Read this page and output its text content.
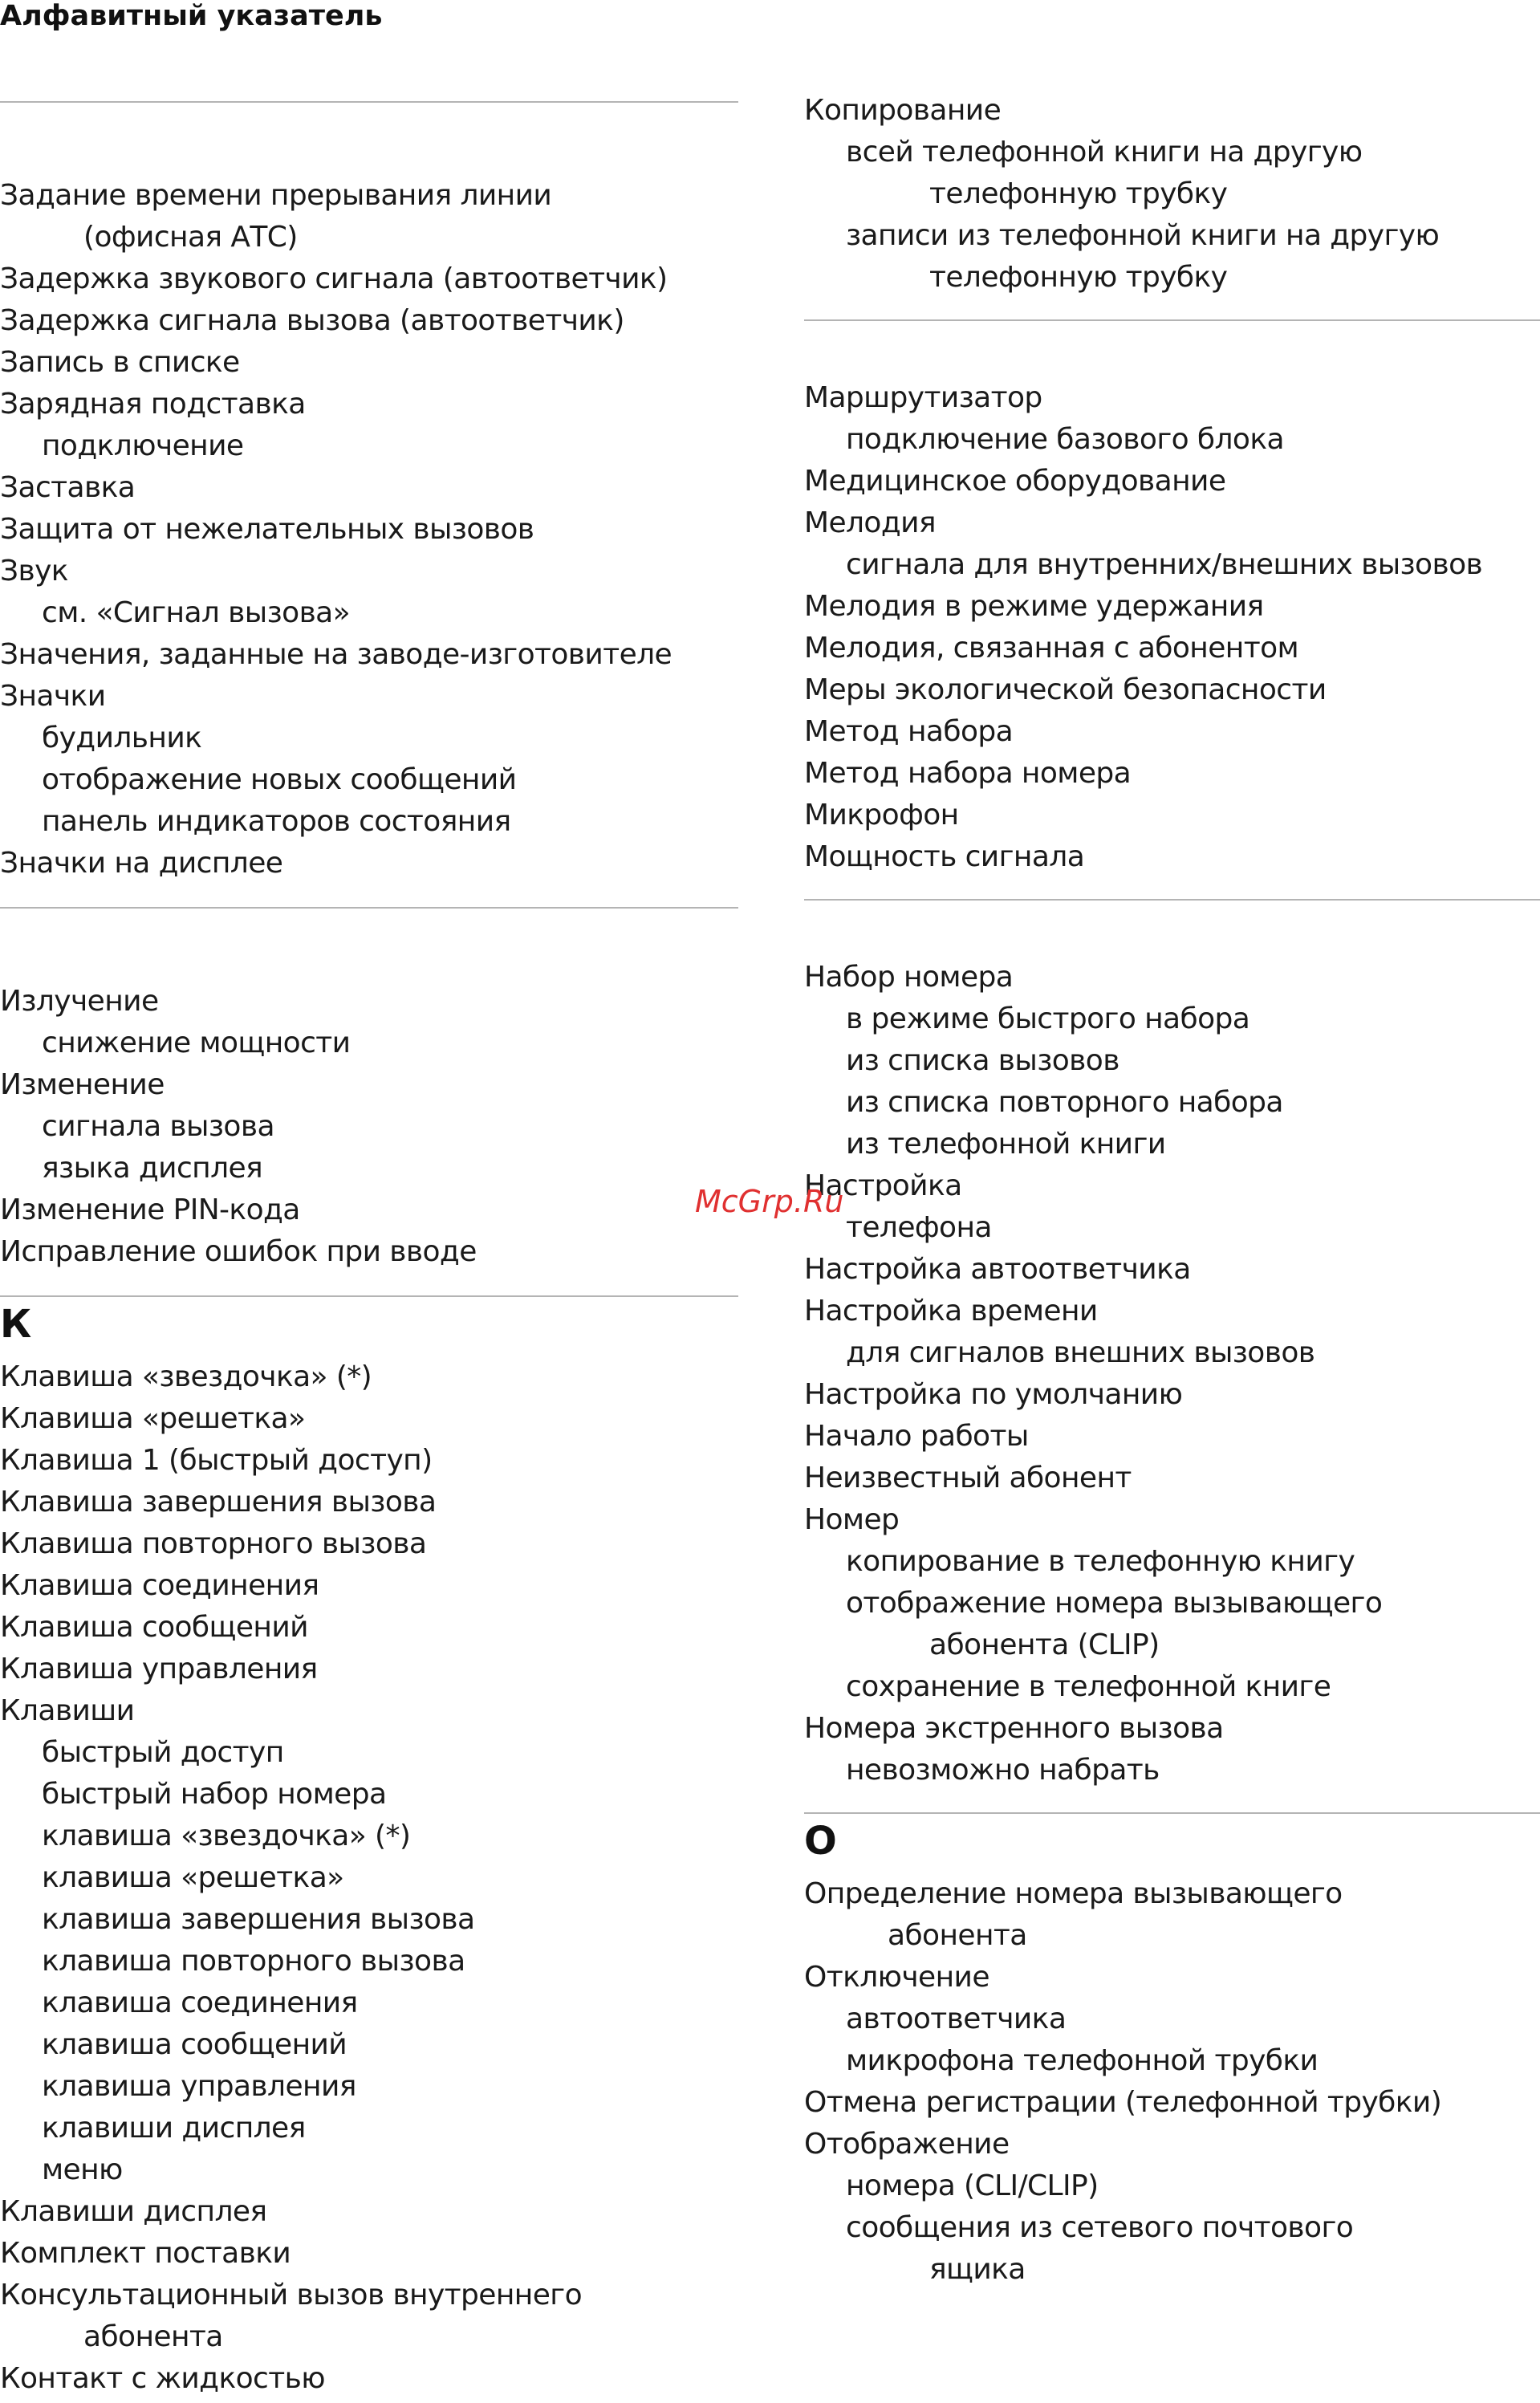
Алфавитный указатель
Задание времени прерывания линии
(офисная АТС)
Задержка звукового сигнала (автоответчик)
Задержка сигнала вызова (автоответчик)
Запись в списке
Зарядная подставка
подключение
Заставка
Защита от нежелательных вызовов
Звук
см. «Сигнал вызова»
Значения, заданные на заводе-изготовителе
Значки
будильник
отображение новых сообщений
панель индикаторов состояния
Значки на дисплее
Излучение
снижение мощности
Изменение
сигнала вызова
языка дисплея
Изменение PIN-кода
Исправление ошибок при вводе
К
Клавиша «звездочка» (*)
Клавиша «решетка»
Клавиша 1 (быстрый доступ)
Клавиша завершения вызова
Клавиша повторного вызова
Клавиша соединения
Клавиша сообщений
Клавиша управления
Клавиши
быстрый доступ
быстрый набор номера
клавиша «звездочка» (*)
клавиша «решетка»
клавиша завершения вызова
клавиша повторного вызова
клавиша соединения
клавиша сообщений
клавиша управления
клавиши дисплея
меню
Клавиши дисплея
Комплект поставки
Консультационный вызов внутреннего
абонента
Контакт с жидкостью
Копирование
всей телефонной книги на другую
телефонную трубку
записи из телефонной книги на другую
телефонную трубку
Маршрутизатор
подключение базового блока
Медицинское оборудование
Мелодия
сигнала для внутренних/внешних вызовов
Мелодия в режиме удержания
Мелодия, связанная с абонентом
Меры экологической безопасности
Метод набора
Метод набора номера
Микрофон
Мощность сигнала
Набор номера
в режиме быстрого набора
из списка вызовов
из списка повторного набора
из телефонной книги
Настройка
телефона
Настройка автоответчика
Настройка времени
для сигналов внешних вызовов
Настройка по умолчанию
Начало работы
Неизвестный абонент
Номер
копирование в телефонную книгу
отображение номера вызывающего
абонента (CLIP)
сохранение в телефонной книге
Номера экстренного вызова
невозможно набрать
О
Определение номера вызывающего
абонента
Отключение
автоответчика
микрофона телефонной трубки
Отмена регистрации (телефонной трубки)
Отображение
номера (CLI/CLIP)
сообщения из сетевого почтового
ящика
McGrp.Ru
